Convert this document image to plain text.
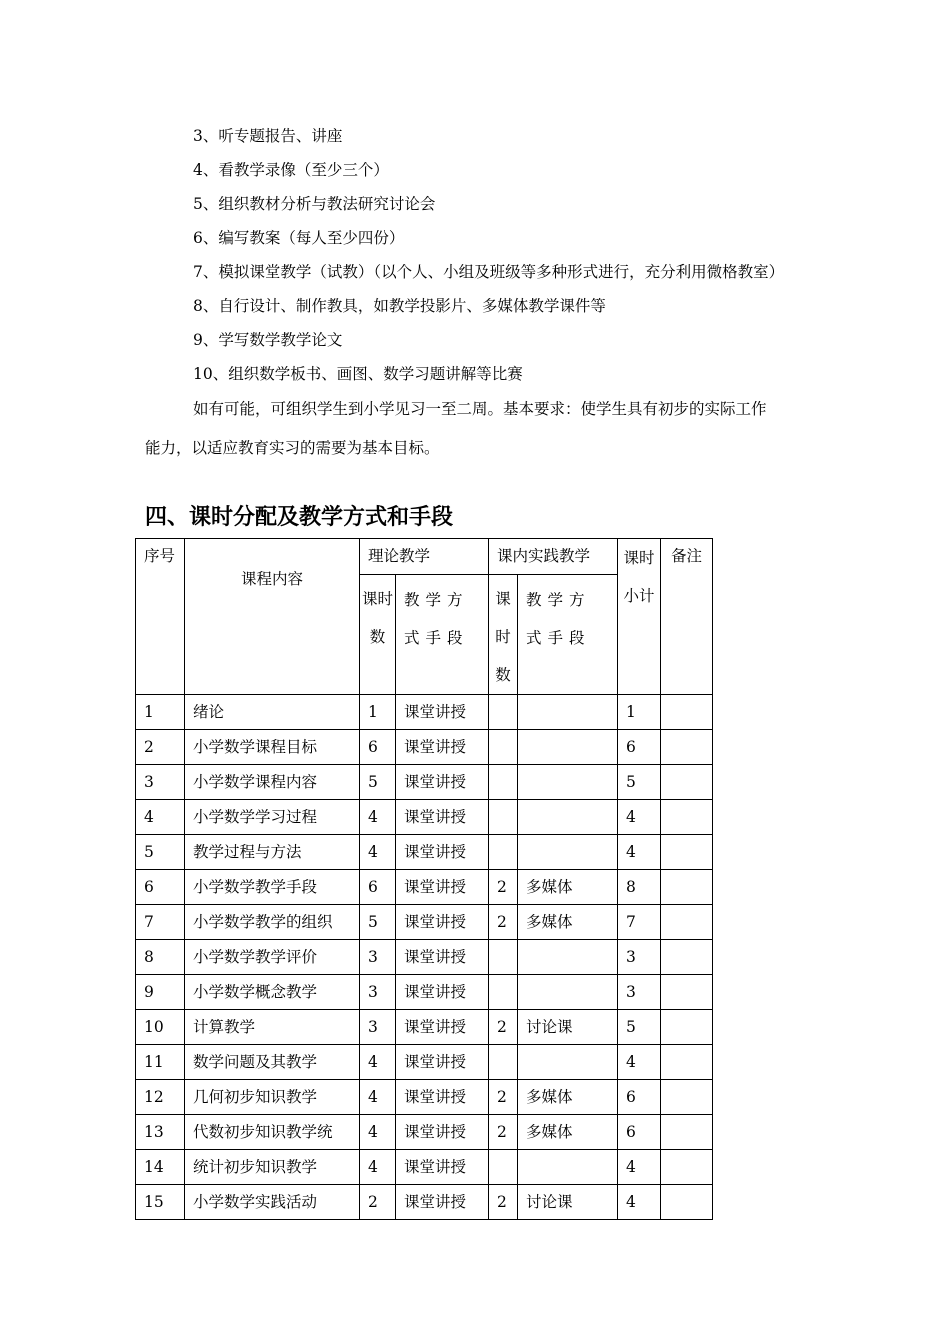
3、听专题报告、讲座
4、看教学录像（至少三个）
5、组织教材分析与教法研究讨论会
6、编写教案（每人至少四份）
7、模拟课堂教学（试教）（以个人、小组及班级等多种形式进行，充分利用微格教室）
8、自行设计、制作教具，如教学投影片、多媒体教学课件等
9、学写数学教学论文
10、组织数学板书、画图、数学习题讲解等比赛
如有可能，可组织学生到小学见习一至二周。基本要求：使学生具有初步的实际工作
能力，以适应教育实习的需要为基本目标。
四、课时分配及教学方式和手段
序号	课程内容	理论教学		课内实践教学		课时小计	备注

		课时数	教学方式手段	课时数	教学方式手段		

1	绪论	1	课堂讲授			1	

2	小学数学课程目标	6	课堂讲授			6	

3	小学数学课程内容	5	课堂讲授			5	

4	小学数学学习过程	4	课堂讲授			4	

5	教学过程与方法	4	课堂讲授			4	

6	小学数学教学手段	6	课堂讲授	2	多媒体	8	

7	小学数学教学的组织	5	课堂讲授	2	多媒体	7	

8	小学数学教学评价	3	课堂讲授			3	

9	小学数学概念教学	3	课堂讲授			3	

10	计算教学	3	课堂讲授	2	讨论课	5	

11	数学问题及其教学	4	课堂讲授			4	

12	几何初步知识教学	4	课堂讲授	2	多媒体	6	

13	代数初步知识教学统	4	课堂讲授	2	多媒体	6	

14	统计初步知识教学	4	课堂讲授			4	

15	小学数学实践活动	2	课堂讲授	2	讨论课	4	
